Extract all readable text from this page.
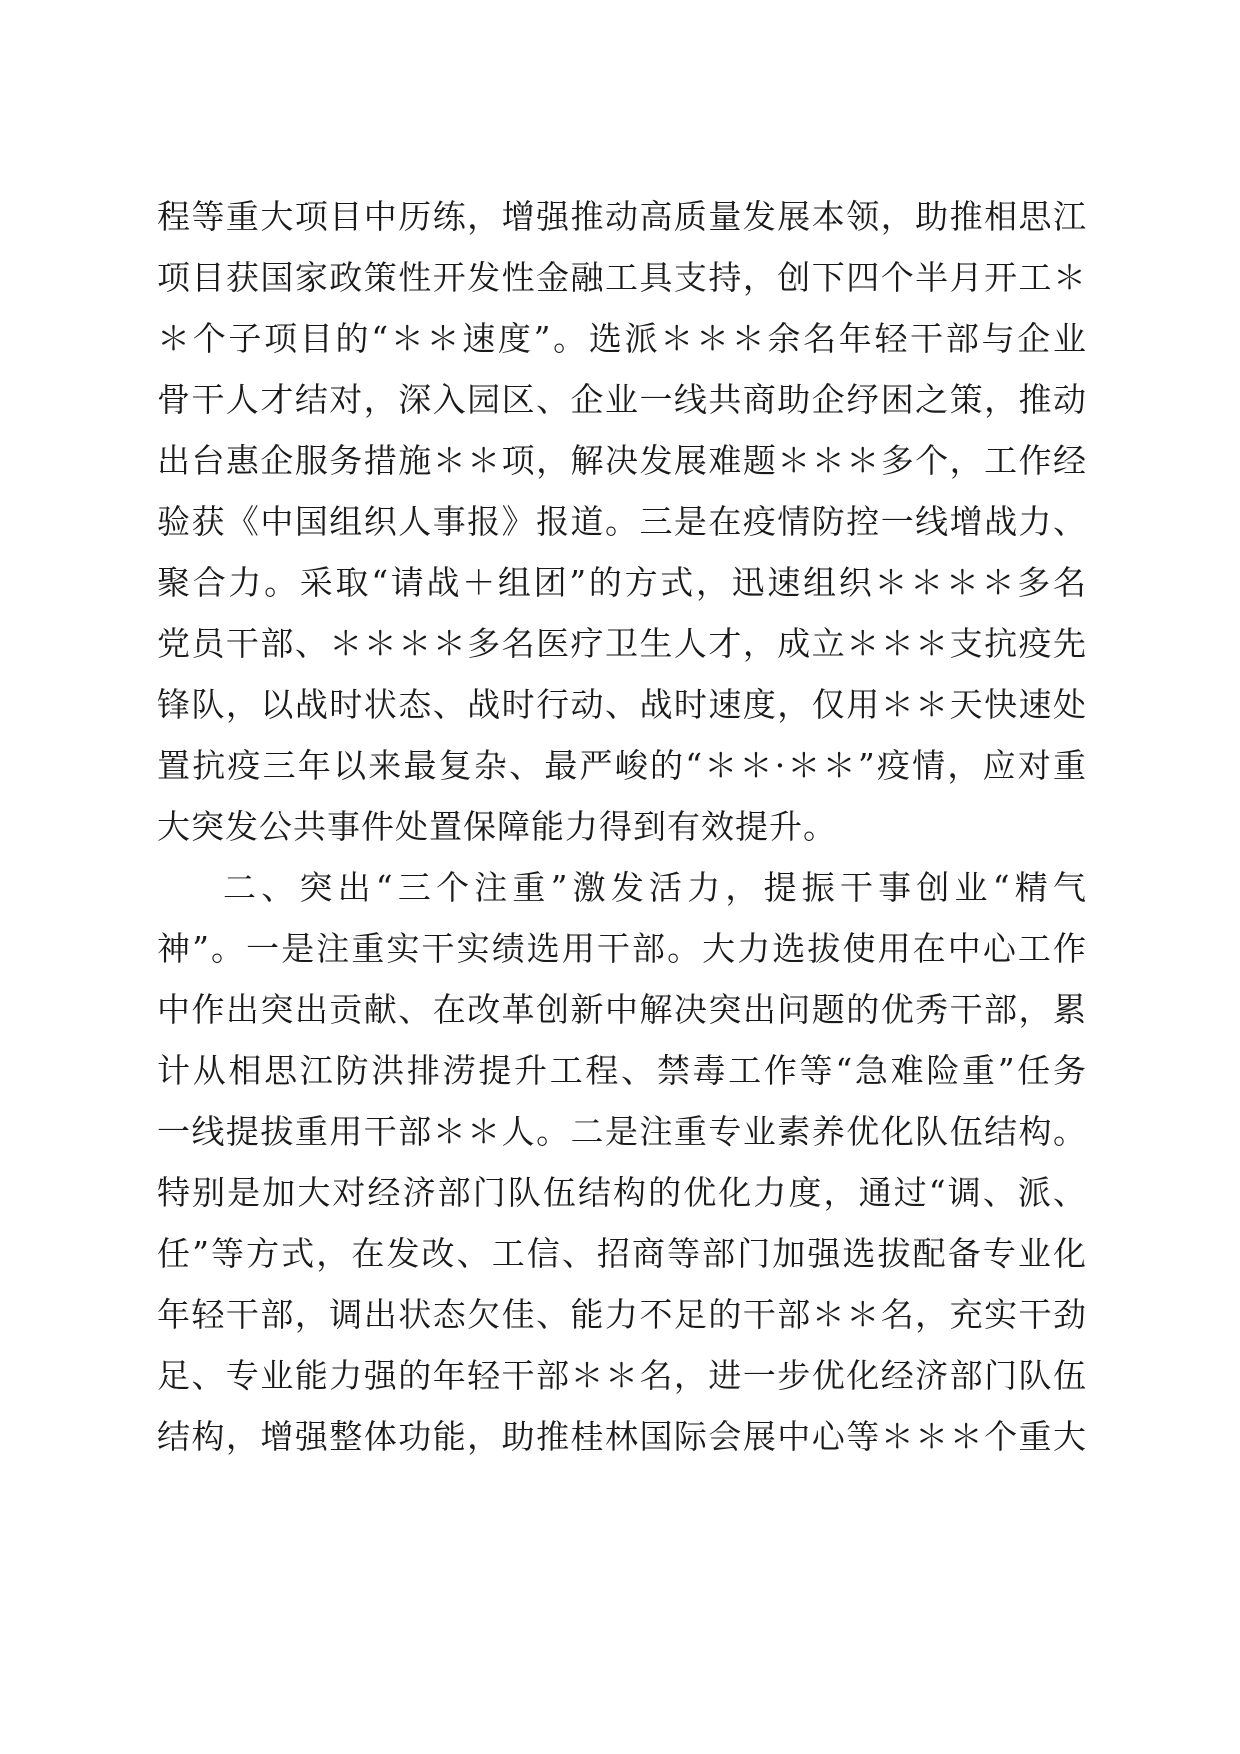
程等重大项目中历练，增强推动高质量发展本领，助推相思江
项目获国家政策性开发性金融工具支持，创下四个半月开工＊
＊个子项目的“＊＊速度”。选派＊＊＊余名年轻干部与企业
骨干人才结对，深入园区、企业一线共商助企纾困之策，推动
出台惠企服务措施＊＊项，解决发展难题＊＊＊多个，工作经
验获《中国组织人事报》报道。三是在疫情防控一线增战力、
聚合力。采取“请战＋组团”的方式，迅速组织＊＊＊＊多名
党员干部、＊＊＊＊多名医疗卫生人才，成立＊＊＊支抗疫先
锋队，以战时状态、战时行动、战时速度，仅用＊＊天快速处
置抗疫三年以来最复杂、最严峻的“＊＊·＊＊”疫情，应对重
大突发公共事件处置保障能力得到有效提升。
二、突出“三个注重”激发活力，提振干事创业“精气
神”。一是注重实干实绩选用干部。大力选拔使用在中心工作
中作出突出贡献、在改革创新中解决突出问题的优秀干部，累
计从相思江防洪排涝提升工程、禁毒工作等“急难险重”任务
一线提拔重用干部＊＊人。二是注重专业素养优化队伍结构。
特别是加大对经济部门队伍结构的优化力度，通过“调、派、
任”等方式，在发改、工信、招商等部门加强选拔配备专业化
年轻干部，调出状态欠佳、能力不足的干部＊＊名，充实干劲
足、专业能力强的年轻干部＊＊名，进一步优化经济部门队伍
结构，增强整体功能，助推桂林国际会展中心等＊＊＊个重大
